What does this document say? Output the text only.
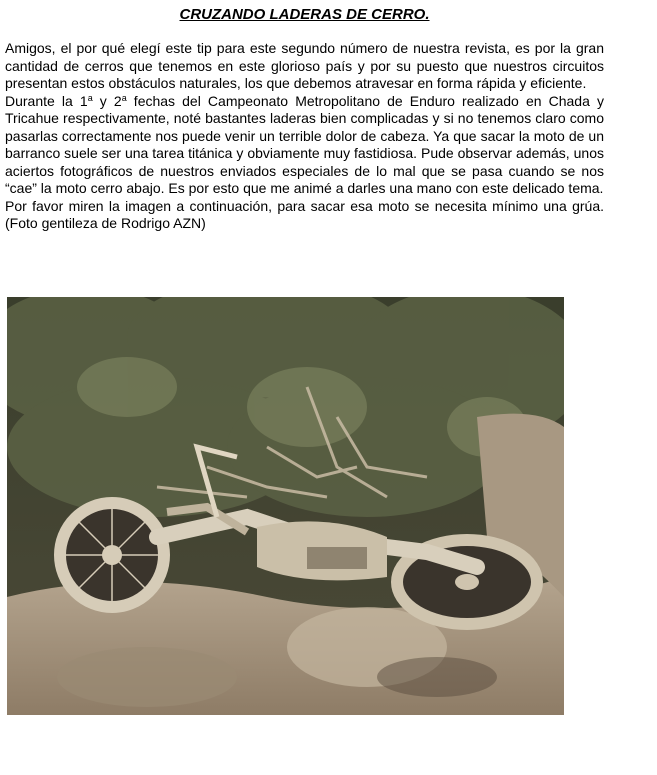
CRUZANDO LADERAS DE CERRO.

Amigos, el por qué elegí este tip para este segundo número de nuestra revista, es por la gran cantidad de cerros que tenemos en este glorioso país y por su puesto que nuestros circuitos presentan estos obstáculos naturales, los que debemos atravesar en forma rápida y eficiente.

Durante la 1$^a$ y 2$^a$ fechas del Campeonato Metropolitano de Enduro realizado en Chada y Tricahue respectivamente, noté bastantes laderas bien complicadas y si no tenemos claro como pasarlas correctamente nos puede venir un terrible dolor de cabeza. Ya que sacar la moto de un barranco suele ser una tarea titánica y obviamente muy fastidiosa. Pude observar además, unos aciertos fotográficos de nuestros enviados especiales de lo mal que se pasa cuando se nos “cae” la moto cerro abajo. Es por esto que me animé a darles una mano con este delicado tema.

Por favor miren la imagen a continuación, para sacar esa moto se necesita mínimo una grúa. (Foto gentileza de Rodrigo AZN)
